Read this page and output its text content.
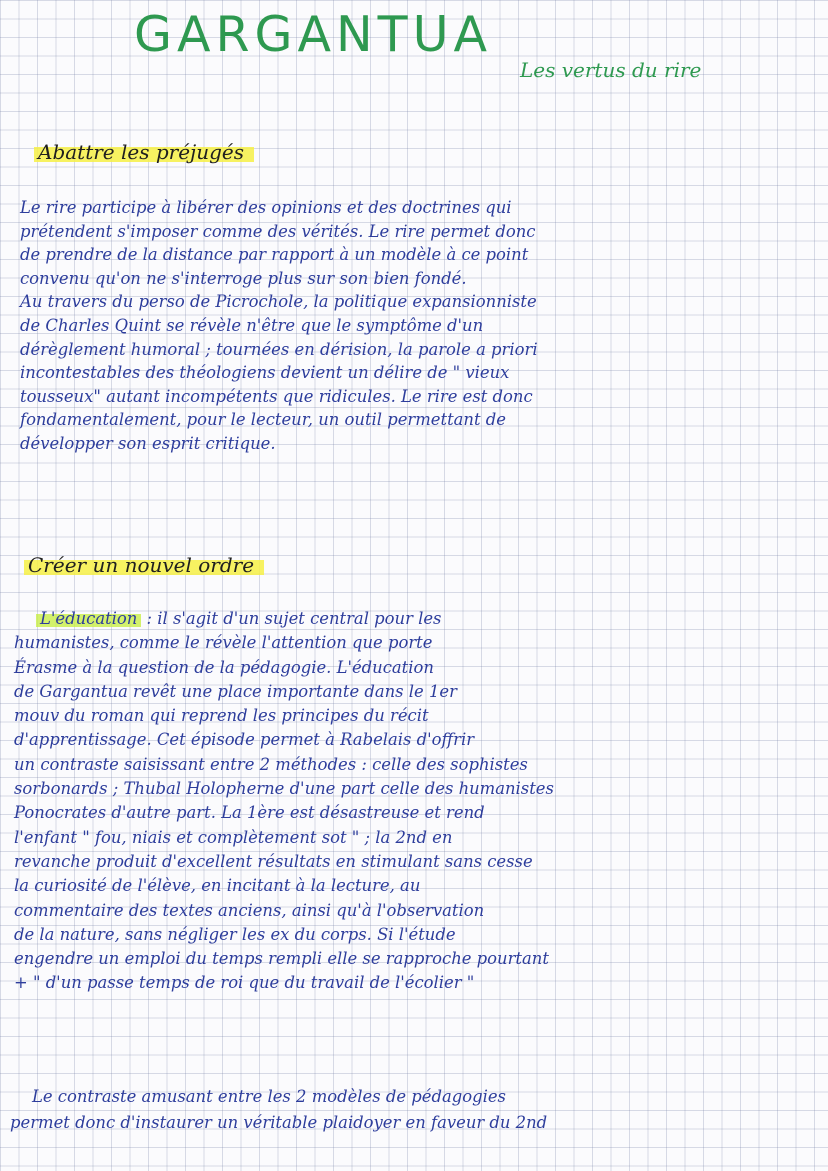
GARGANTUA
Les vertus du rire
Abattre les préjugés
Le rire participe à libérer des opinions et des doctrines qui
prétendent s'imposer comme des vérités. Le rire permet donc
de prendre de la distance par rapport à un modèle à ce point
convenu qu'on ne s'interroge plus sur son bien fondé.
Au travers du perso de Picrochole, la politique expansionniste
de Charles Quint se révèle n'être que le symptôme d'un
dérèglement humoral ; tournées en dérision, la parole a priori
incontestables des théologiens devient un délire de " vieux
tousseux" autant incompétents que ridicules. Le rire est donc
fondamentalement, pour le lecteur, un outil permettant de
développer son esprit critique.
Créer un nouvel ordre
L'éducation : il s'agit d'un sujet central pour les
humanistes, comme le révèle l'attention que porte
Érasme à la question de la pédagogie. L'éducation
de Gargantua revêt une place importante dans le 1er
mouv du roman qui reprend les principes du récit
d'apprentissage. Cet épisode permet à Rabelais d'offrir
un contraste saisissant entre 2 méthodes : celle des sophistes
sorbonards ; Thubal Holopherne d'une part celle des humanistes
Ponocrates d'autre part. La 1ère est désastreuse et rend
l'enfant " fou, niais et complètement sot " ; la 2nd en
revanche produit d'excellent résultats en stimulant sans cesse
la curiosité de l'élève, en incitant à la lecture, au
commentaire des textes anciens, ainsi qu'à l'observation
de la nature, sans négliger les ex du corps. Si l'étude
engendre un emploi du temps rempli elle se rapproche pourtant
+ " d'un passe temps de roi que du travail de l'écolier "
Le contraste amusant entre les 2 modèles de pédagogies
permet donc d'instaurer un véritable plaidoyer en faveur du 2nd
